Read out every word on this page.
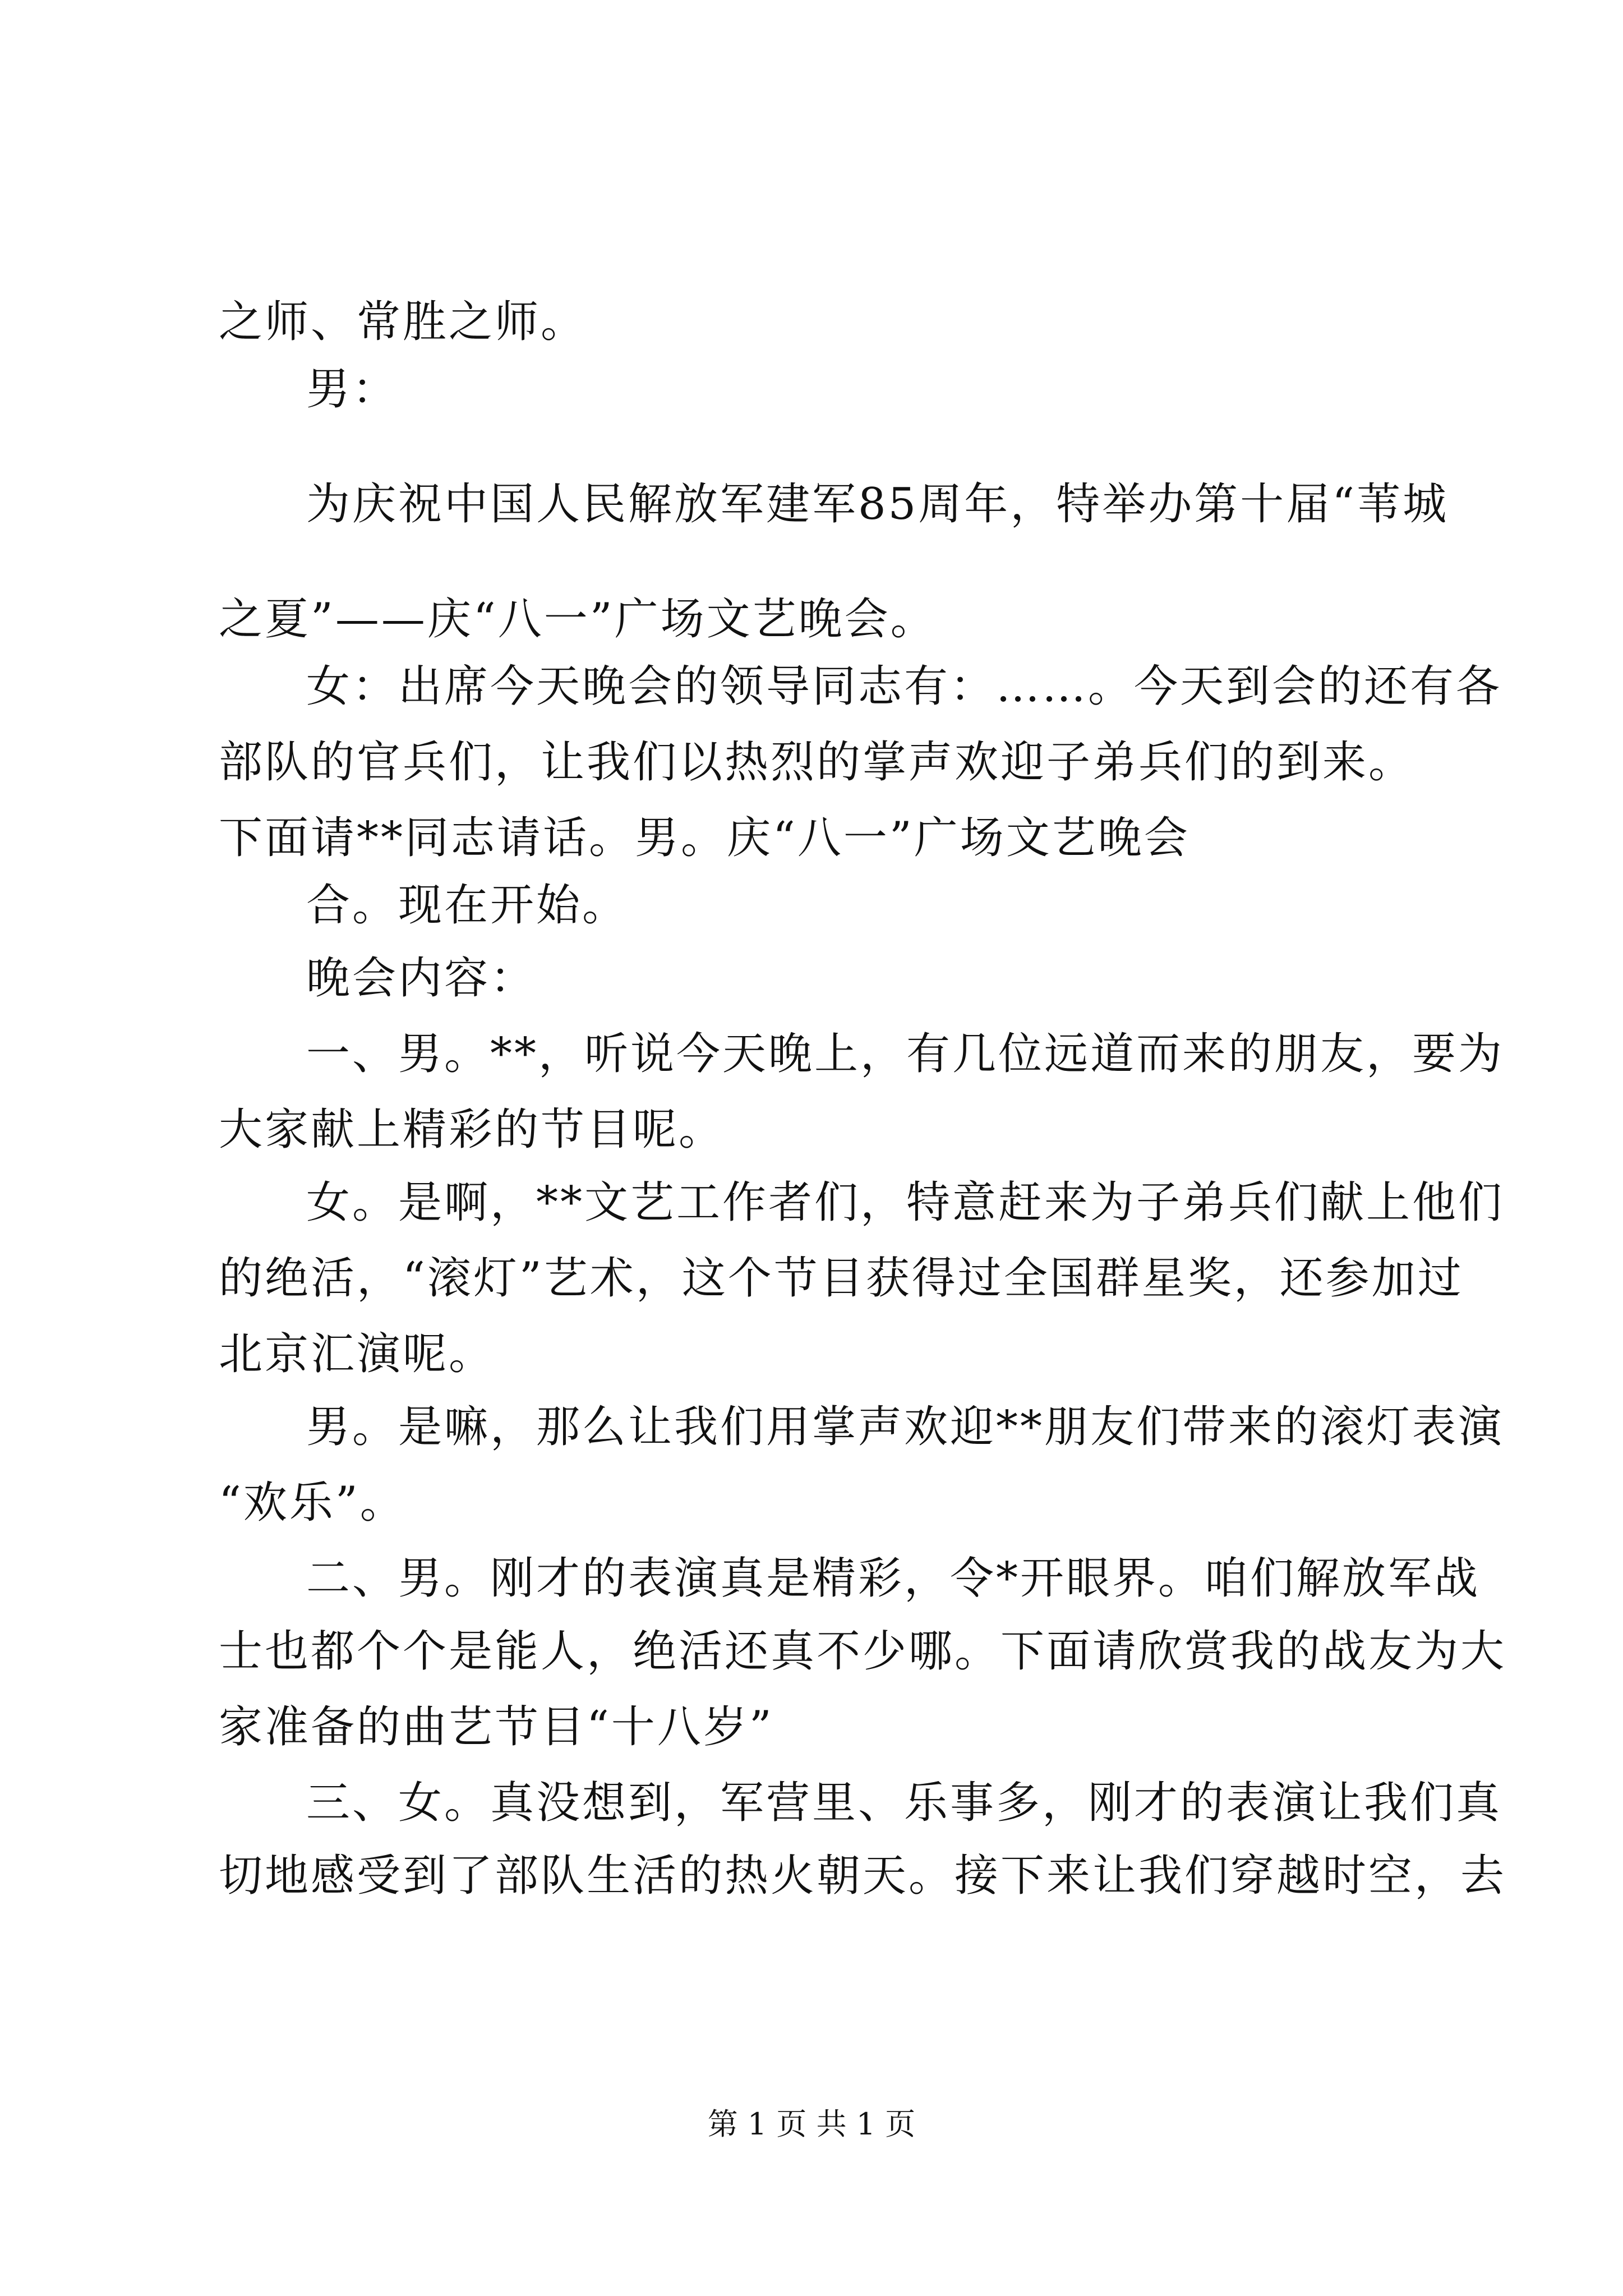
之师、常胜之师。
男：
为庆祝中国人民解放军建军85周年，特举办第十届“苇城
之夏”——庆“八一”广场文艺晚会。
女：出席今天晚会的领导同志有：……。今天到会的还有各
部队的官兵们，让我们以热烈的掌声欢迎子弟兵们的到来。
下面请**同志请话。男。庆“八一”广场文艺晚会
合。现在开始。
晚会内容：
一、男。**，听说今天晚上，有几位远道而来的朋友，要为
大家献上精彩的节目呢。
女。是啊，**文艺工作者们，特意赶来为子弟兵们献上他们
的绝活，“滚灯”艺术，这个节目获得过全国群星奖，还参加过
北京汇演呢。
男。是嘛，那么让我们用掌声欢迎**朋友们带来的滚灯表演
“欢乐”。
二、男。刚才的表演真是精彩，令*开眼界。咱们解放军战
士也都个个是能人，绝活还真不少哪。下面请欣赏我的战友为大
家准备的曲艺节目“十八岁”
三、女。真没想到，军营里、乐事多，刚才的表演让我们真
切地感受到了部队生活的热火朝天。接下来让我们穿越时空，去
第 1 页 共 1 页
